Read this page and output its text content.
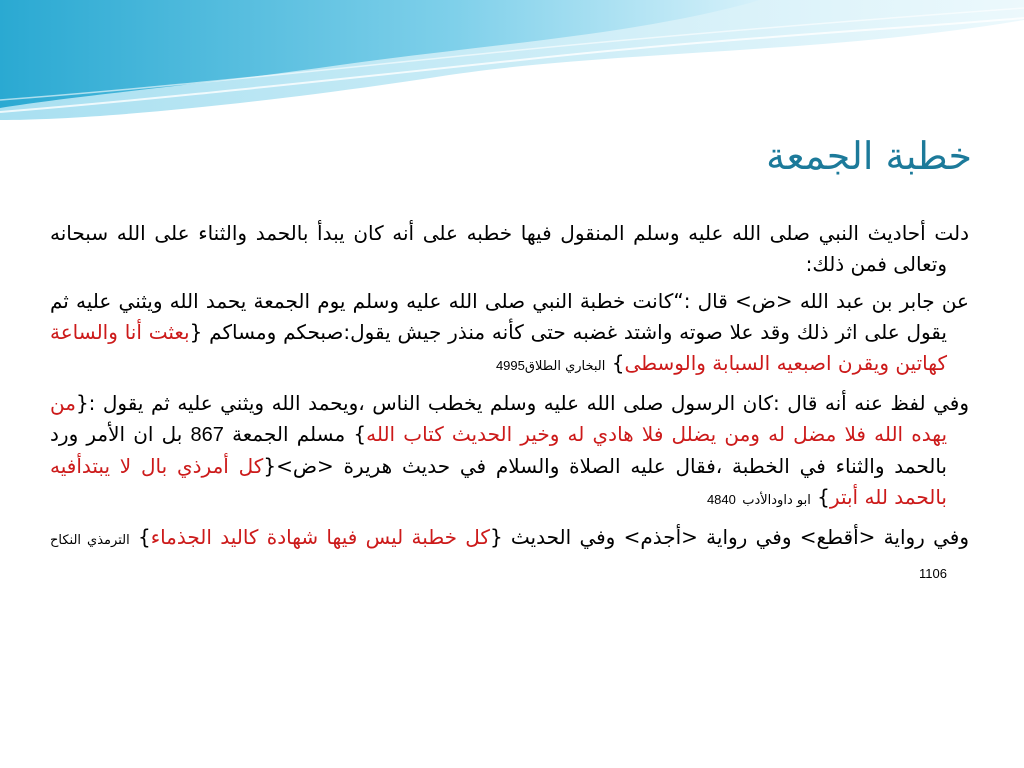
خطبة الجمعة

دلت أحاديث النبي صلى الله عليه وسلم المنقول فيها خطبه على أنه كان يبدأ بالحمد والثناء على الله سبحانه وتعالى فمن ذلك:

عن جابر بن عبد الله <ض> قال :“كانت خطبة النبي صلى الله عليه وسلم يوم الجمعة يحمد الله ويثني عليه ثم يقول على اثر ذلك وقد علا صوته واشتد غضبه حتى كأنه منذر جيش يقول:صبحكم ومساكم {بعثت أنا والساعة كهاتين ويقرن اصبعيه السبابة والوسطى} البخاري الطلاق4995

وفي لفظ عنه أنه قال :كان الرسول صلى الله عليه وسلم يخطب الناس ،ويحمد الله ويثني عليه ثم يقول :{من يهده الله فلا مضل له ومن يضلل فلا هادي له وخير الحديث كتاب الله} مسلم الجمعة 867 بل ان الأمر ورد بالحمد والثناء في الخطبة ،فقال عليه الصلاة والسلام في حديث هريرة <ض>{كل أمرذي بال لا يبتدأفيه بالحمد لله أبتر} ابو داودالأدب 4840

وفي رواية <أقطع> وفي رواية <أجذم> وفي الحديث {كل خطبة ليس فيها شهادة كاليد الجذماء} الترمذي النكاح 1106
